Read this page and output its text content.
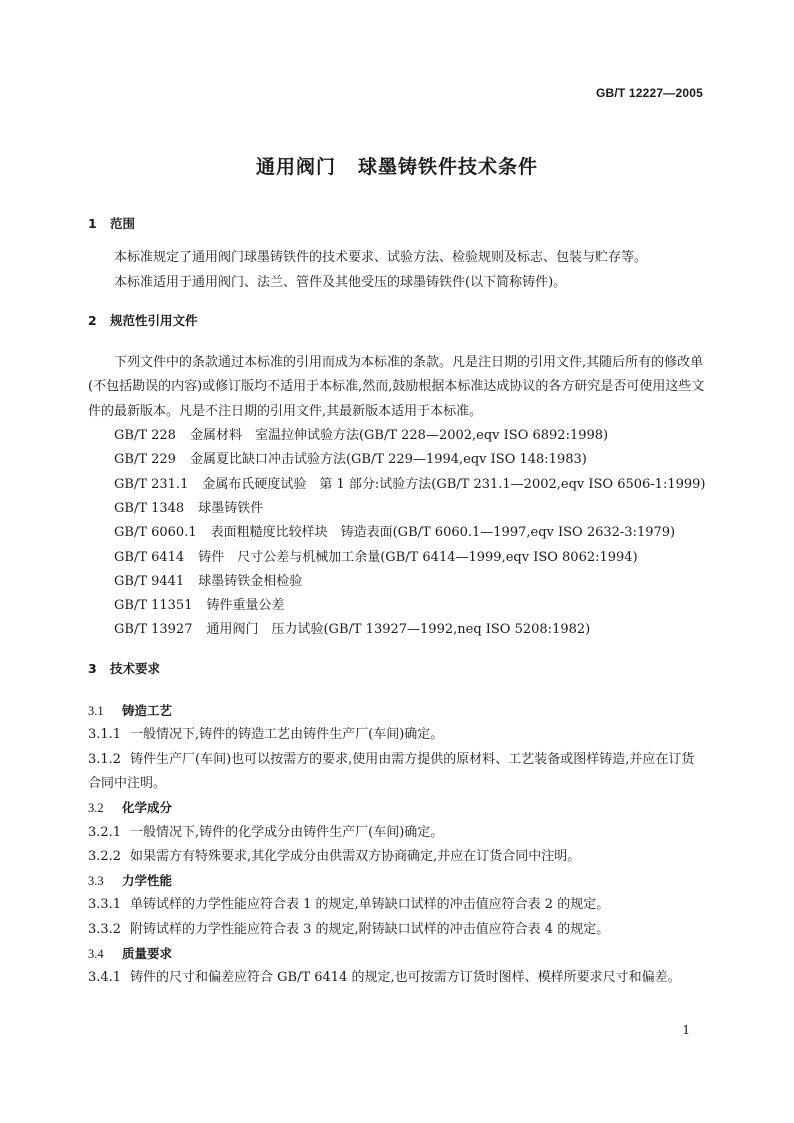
GB/T 12227—2005
通用阀门 球墨铸铁件技术条件
1 范围

本标准规定了通用阀门球墨铸铁件的技术要求、试验方法、检验规则及标志、包装与贮存等。

本标准适用于通用阀门、法兰、管件及其他受压的球墨铸铁件(以下简称铸件)。

2 规范性引用文件

下列文件中的条款通过本标准的引用而成为本标准的条款。凡是注日期的引用文件,其随后所有的修改单(不包括勘误的内容)或修订版均不适用于本标准,然而,鼓励根据本标准达成协议的各方研究是否可使用这些文件的最新版本。凡是不注日期的引用文件,其最新版本适用于本标准。

GB/T 228 金属材料　室温拉伸试验方法(GB/T 228—2002,eqv ISO 6892:1998)

GB/T 229 金属夏比缺口冲击试验方法(GB/T 229—1994,eqv ISO 148:1983)

GB/T 231.1 金属布氏硬度试验　第 1 部分:试验方法(GB/T 231.1—2002,eqv ISO 6506-1:1999)

GB/T 1348 球墨铸铁件

GB/T 6060.1 表面粗糙度比较样块　铸造表面(GB/T 6060.1—1997,eqv ISO 2632-3:1979)

GB/T 6414 铸件　尺寸公差与机械加工余量(GB/T 6414—1999,eqv ISO 8062:1994)

GB/T 9441 球墨铸铁金相检验

GB/T 11351 铸件重量公差

GB/T 13927 通用阀门　压力试验(GB/T 13927—1992,neq ISO 5208:1982)

3 技术要求
3.1 铸造工艺

3.1.1 一般情况下,铸件的铸造工艺由铸件生产厂(车间)确定。

3.1.2 铸件生产厂(车间)也可以按需方的要求,使用由需方提供的原材料、工艺装备或图样铸造,并应在订货合同中注明。

3.2 化学成分

3.2.1 一般情况下,铸件的化学成分由铸件生产厂(车间)确定。

3.2.2 如果需方有特殊要求,其化学成分由供需双方协商确定,并应在订货合同中注明。

3.3 力学性能

3.3.1 单铸试样的力学性能应符合表 1 的规定,单铸缺口试样的冲击值应符合表 2 的规定。

3.3.2 附铸试样的力学性能应符合表 3 的规定,附铸缺口试样的冲击值应符合表 4 的规定。

3.4 质量要求

3.4.1 铸件的尺寸和偏差应符合 GB/T 6414 的规定,也可按需方订货时图样、模样所要求尺寸和偏差。

1
